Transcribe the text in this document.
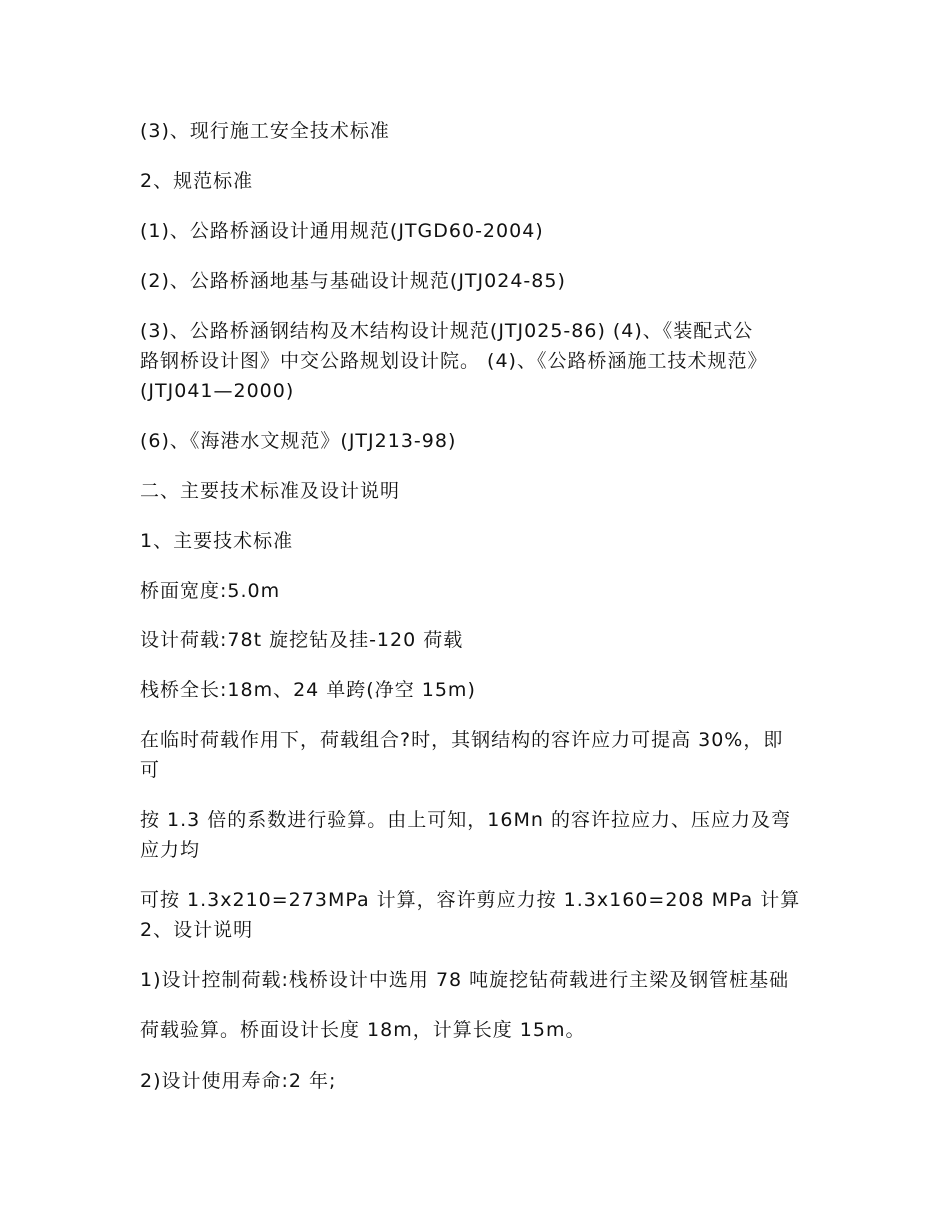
(3)、现行施工安全技术标准

2、规范标准

(1)、公路桥涵设计通用规范(JTGD60-2004)

(2)、公路桥涵地基与基础设计规范(JTJ024-85)

(3)、公路桥涵钢结构及木结构设计规范(JTJ025-86) (4)、《装配式公
路钢桥设计图》中交公路规划设计院。 (4)、《公路桥涵施工技术规范》
(JTJ041—2000)

(6)、《海港水文规范》(JTJ213-98)

二、主要技术标准及设计说明

1、主要技术标准

桥面宽度:5.0m

设计荷载:78t 旋挖钻及挂-120 荷载

栈桥全长:18m、24 单跨(净空 15m)

在临时荷载作用下，荷载组合?时，其钢结构的容许应力可提高 30%，即
可

按 1.3 倍的系数进行验算。由上可知，16Mn 的容许拉应力、压应力及弯
应力均

可按 1.3x210=273MPa 计算，容许剪应力按 1.3x160=208 MPa 计算
2、设计说明

1)设计控制荷载:栈桥设计中选用 78 吨旋挖钻荷载进行主梁及钢管桩基础

荷载验算。桥面设计长度 18m，计算长度 15m。

2)设计使用寿命:2 年;
